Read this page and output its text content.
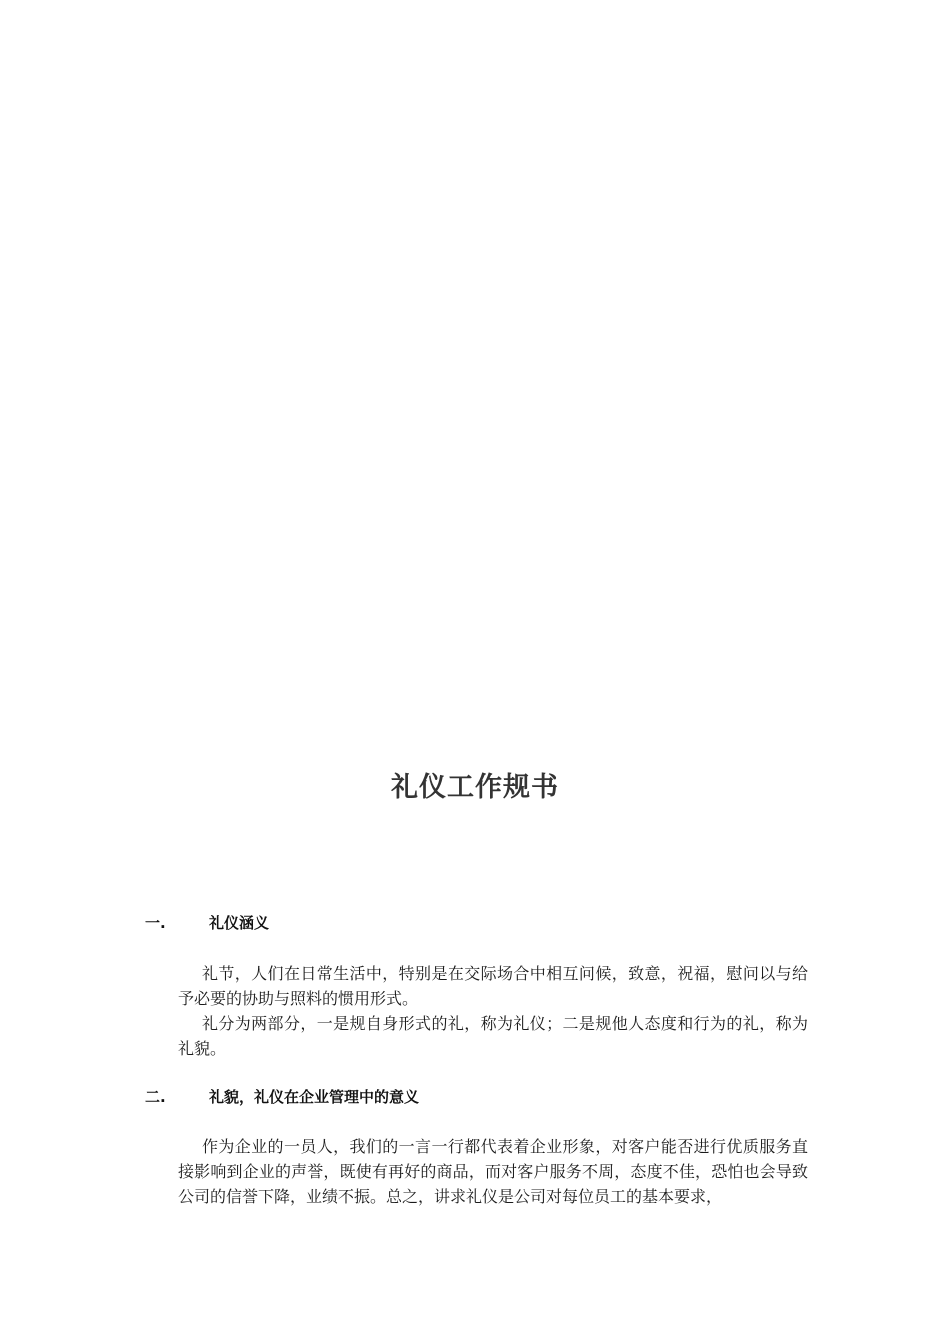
礼仪工作规书
一.	礼仪涵义
礼节，人们在日常生活中，特别是在交际场合中相互问候，致意，祝福，慰问以与给予必要的协助与照料的惯用形式。
礼分为两部分，一是规自身形式的礼，称为礼仪；二是规他人态度和行为的礼，称为礼貌。
二.	礼貌，礼仪在企业管理中的意义
作为企业的一员人，我们的一言一行都代表着企业形象，对客户能否进行优质服务直接影响到企业的声誉，既使有再好的商品，而对客户服务不周，态度不佳，恐怕也会导致公司的信誉下降，业绩不振。总之，讲求礼仪是公司对每位员工的基本要求，
